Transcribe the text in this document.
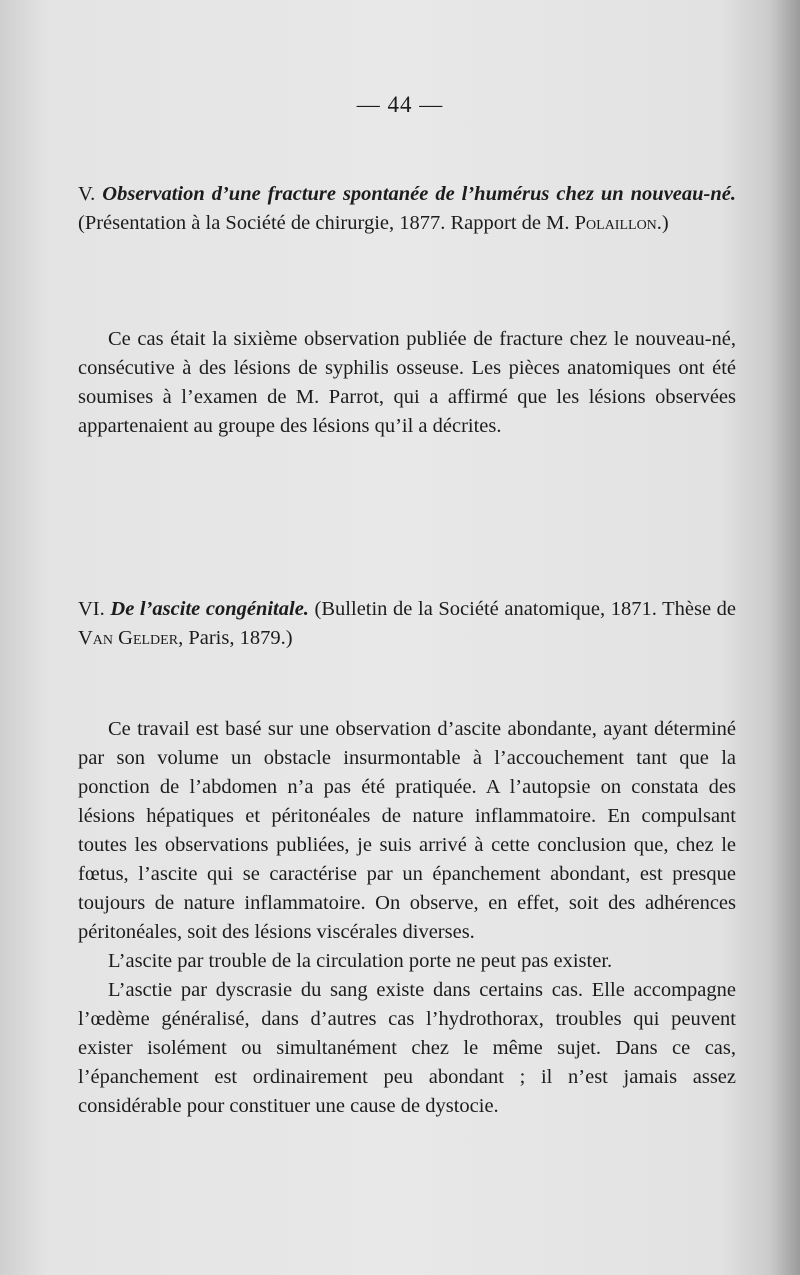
— 44 —

V. Observation d’une fracture spontanée de l’humérus chez un nouveau-né. (Présentation à la Société de chirurgie, 1877. Rapport de M. Polaillon.)

Ce cas était la sixième observation publiée de fracture chez le nouveau-né, consécutive à des lésions de syphilis osseuse. Les pièces anatomiques ont été soumises à l’examen de M. Parrot, qui a affirmé que les lésions observées appartenaient au groupe des lésions qu’il a décrites.

VI. De l’ascite congénitale. (Bulletin de la Société anatomique, 1871. Thèse de Van Gelder, Paris, 1879.)

Ce travail est basé sur une observation d’ascite abondante, ayant déterminé par son volume un obstacle insurmontable à l’accouchement tant que la ponction de l’abdomen n’a pas été pratiquée. A l’autopsie on constata des lésions hépatiques et péritonéales de nature inflammatoire. En compulsant toutes les observations publiées, je suis arrivé à cette conclusion que, chez le fœtus, l’ascite qui se caractérise par un épanchement abondant, est presque toujours de nature inflammatoire. On observe, en effet, soit des adhérences péritonéales, soit des lésions viscérales diverses.

L’ascite par trouble de la circulation porte ne peut pas exister.

L’asctie par dyscrasie du sang existe dans certains cas. Elle accompagne l’œdème généralisé, dans d’autres cas l’hydrothorax, troubles qui peuvent exister isolément ou simultanément chez le même sujet. Dans ce cas, l’épanchement est ordinairement peu abondant ; il n’est jamais assez considérable pour constituer une cause de dystocie.
